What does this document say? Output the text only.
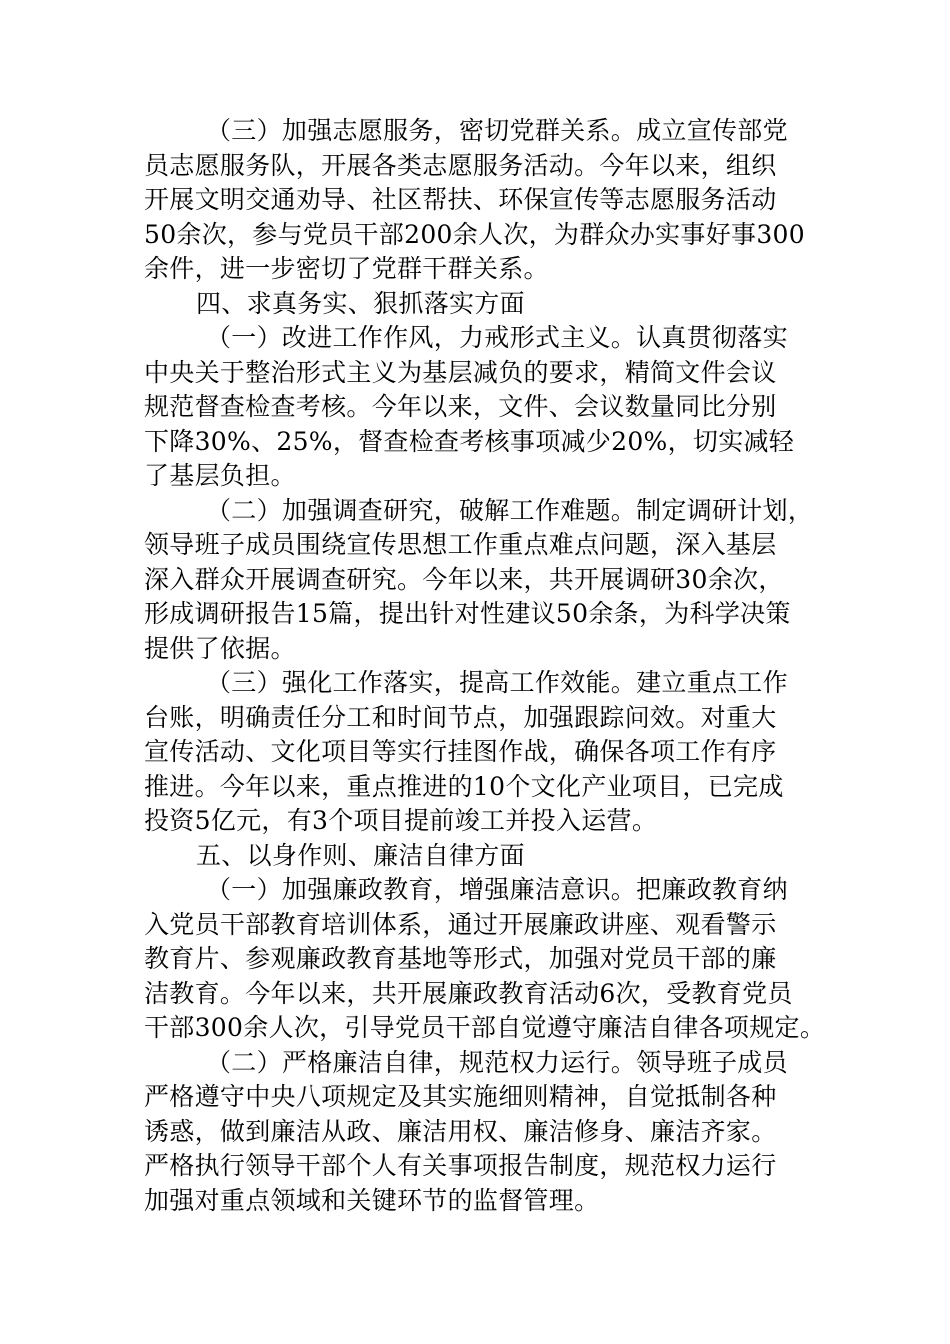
（三）加强志愿服务，密切党群关系。成立宣传部党
员志愿服务队，开展各类志愿服务活动。今年以来，组织
开展文明交通劝导、社区帮扶、环保宣传等志愿服务活动
50余次，参与党员干部200余人次，为群众办实事好事300
余件，进一步密切了党群干群关系。
四、求真务实、狠抓落实方面
（一）改进工作作风，力戒形式主义。认真贯彻落实
中央关于整治形式主义为基层减负的要求，精简文件会议
规范督查检查考核。今年以来，文件、会议数量同比分别
下降30%、25%，督查检查考核事项减少20%，切实减轻
了基层负担。
（二）加强调查研究，破解工作难题。制定调研计划，
领导班子成员围绕宣传思想工作重点难点问题，深入基层
深入群众开展调查研究。今年以来，共开展调研30余次，
形成调研报告15篇，提出针对性建议50余条，为科学决策
提供了依据。
（三）强化工作落实，提高工作效能。建立重点工作
台账，明确责任分工和时间节点，加强跟踪问效。对重大
宣传活动、文化项目等实行挂图作战，确保各项工作有序
推进。今年以来，重点推进的10个文化产业项目，已完成
投资5亿元，有3个项目提前竣工并投入运营。
五、以身作则、廉洁自律方面
（一）加强廉政教育，增强廉洁意识。把廉政教育纳
入党员干部教育培训体系，通过开展廉政讲座、观看警示
教育片、参观廉政教育基地等形式，加强对党员干部的廉
洁教育。今年以来，共开展廉政教育活动6次，受教育党员
干部300余人次，引导党员干部自觉遵守廉洁自律各项规定。
（二）严格廉洁自律，规范权力运行。领导班子成员
严格遵守中央八项规定及其实施细则精神，自觉抵制各种
诱惑，做到廉洁从政、廉洁用权、廉洁修身、廉洁齐家。
严格执行领导干部个人有关事项报告制度，规范权力运行
加强对重点领域和关键环节的监督管理。
